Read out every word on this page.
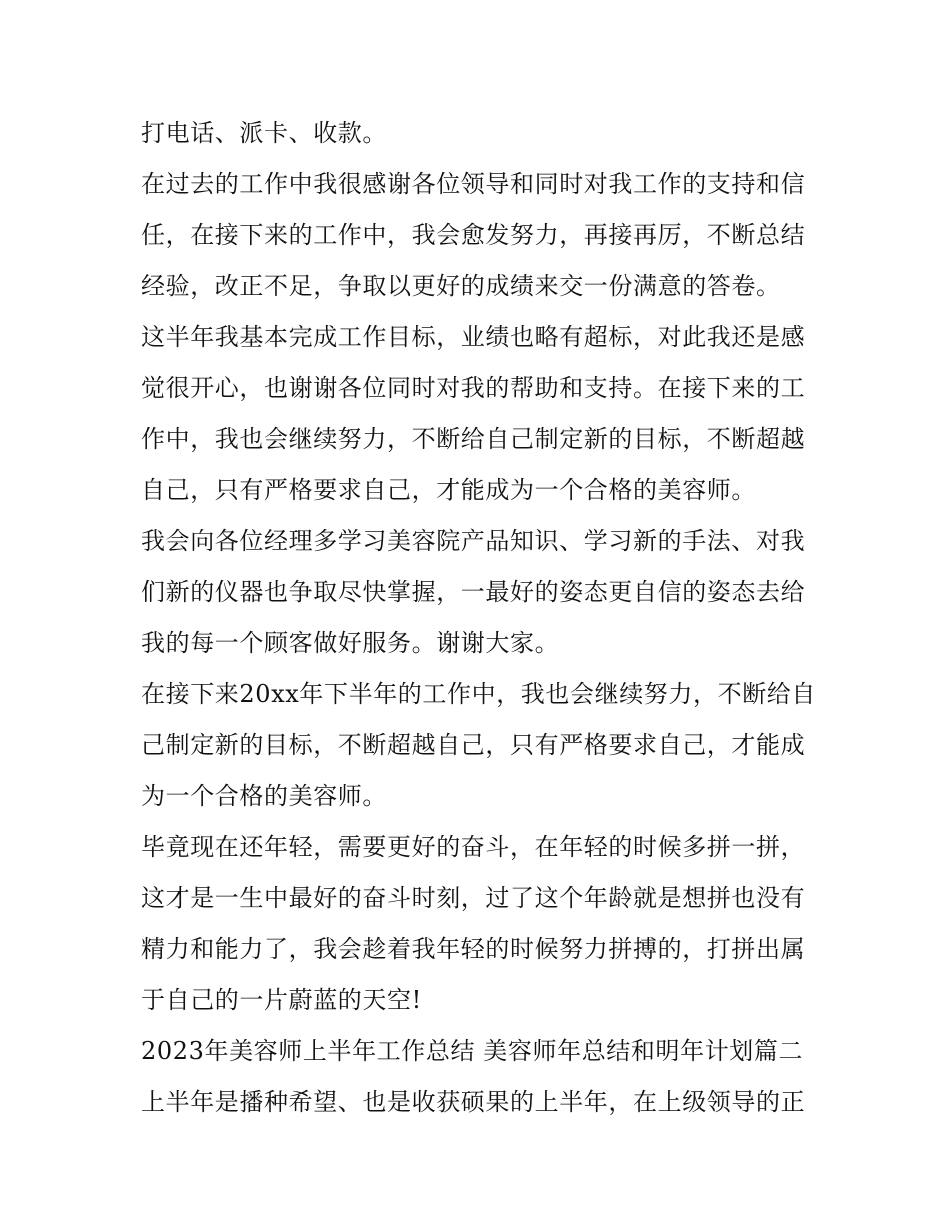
打电话、派卡、收款。

在过去的工作中我很感谢各位领导和同时对我工作的支持和信任，在接下来的工作中，我会愈发努力，再接再厉，不断总结经验，改正不足，争取以更好的成绩来交一份满意的答卷。

这半年我基本完成工作目标，业绩也略有超标，对此我还是感觉很开心，也谢谢各位同时对我的帮助和支持。在接下来的工作中，我也会继续努力，不断给自己制定新的目标，不断超越自己，只有严格要求自己，才能成为一个合格的美容师。

我会向各位经理多学习美容院产品知识、学习新的手法、对我们新的仪器也争取尽快掌握，一最好的姿态更自信的姿态去给我的每一个顾客做好服务。谢谢大家。

在接下来20xx年下半年的工作中，我也会继续努力，不断给自己制定新的目标，不断超越自己，只有严格要求自己，才能成为一个合格的美容师。

毕竟现在还年轻，需要更好的奋斗，在年轻的时候多拼一拼，这才是一生中最好的奋斗时刻，过了这个年龄就是想拼也没有精力和能力了，我会趁着我年轻的时候努力拼搏的，打拼出属于自己的一片蔚蓝的天空!

2023年美容师上半年工作总结 美容师年总结和明年计划篇二

上半年是播种希望、也是收获硕果的上半年，在上级领导的正
